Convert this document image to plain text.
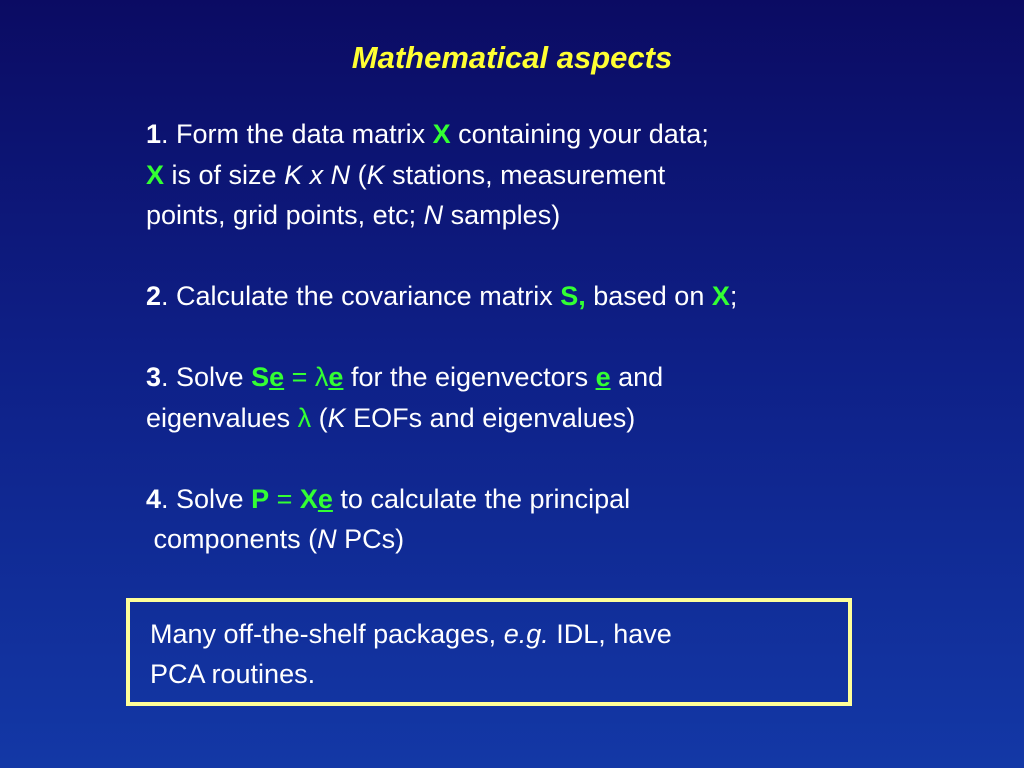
Mathematical aspects
1. Form the data matrix X containing your data;
X is of size K x N (K stations, measurement
points, grid points, etc; N samples)
2. Calculate the covariance matrix S, based on X;
3. Solve Se = λe for the eigenvectors e and
eigenvalues λ (K EOFs and eigenvalues)
4. Solve P = Xe to calculate the principal
components (N PCs)
Many off-the-shelf packages, e.g. IDL, have
PCA routines.
